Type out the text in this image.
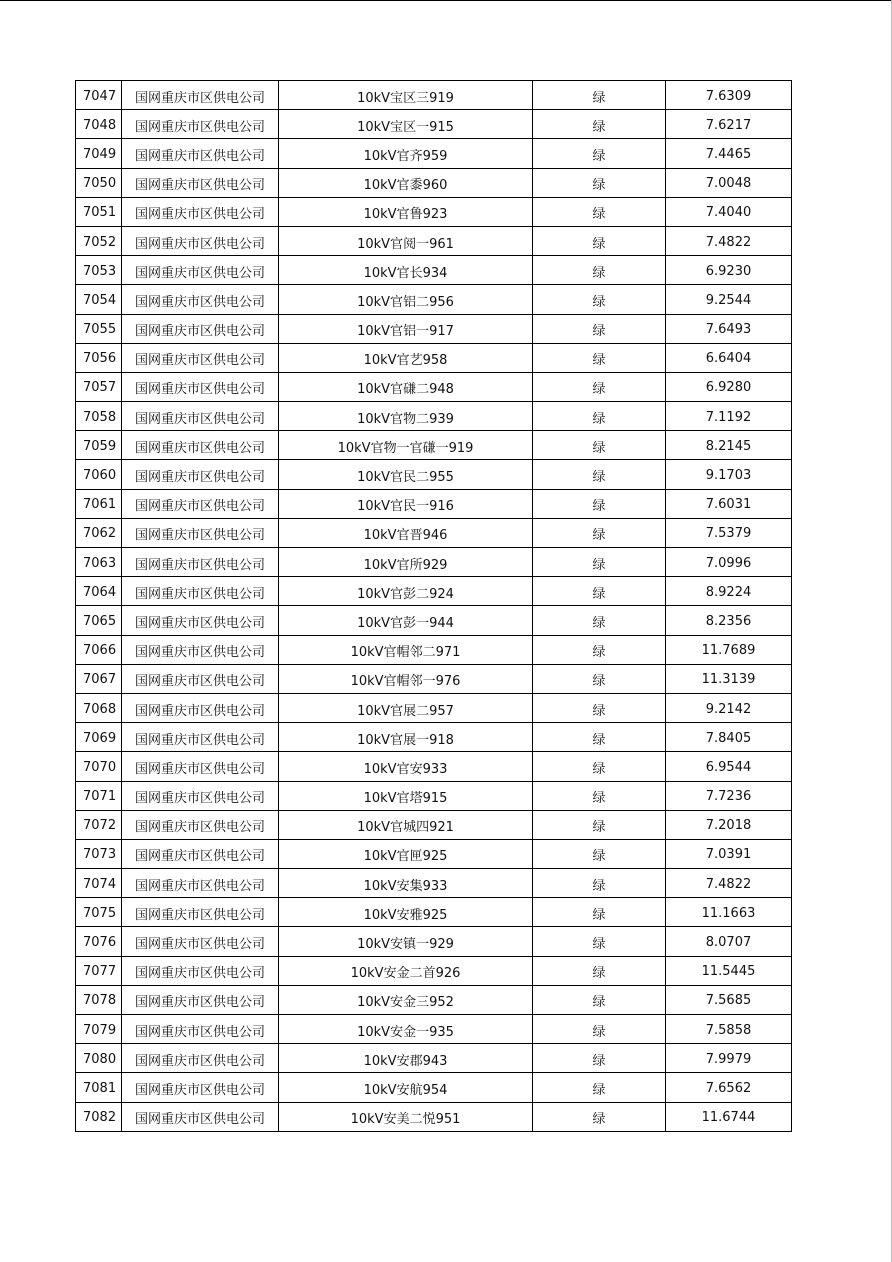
7047	国网重庆市区供电公司	10kV宝区三919	绿	7.6309
7048	国网重庆市区供电公司	10kV宝区一915	绿	7.6217
7049	国网重庆市区供电公司	10kV官齐959	绿	7.4465
7050	国网重庆市区供电公司	10kV官黍960	绿	7.0048
7051	国网重庆市区供电公司	10kV官鲁923	绿	7.4040
7052	国网重庆市区供电公司	10kV官阅一961	绿	7.4822
7053	国网重庆市区供电公司	10kV官长934	绿	6.9230
7054	国网重庆市区供电公司	10kV官铝二956	绿	9.2544
7055	国网重庆市区供电公司	10kV官铝一917	绿	7.6493
7056	国网重庆市区供电公司	10kV官艺958	绿	6.6404
7057	国网重庆市区供电公司	10kV官磏二948	绿	6.9280
7058	国网重庆市区供电公司	10kV官物二939	绿	7.1192
7059	国网重庆市区供电公司	10kV官物一官磏一919	绿	8.2145
7060	国网重庆市区供电公司	10kV官民二955	绿	9.1703
7061	国网重庆市区供电公司	10kV官民一916	绿	7.6031
7062	国网重庆市区供电公司	10kV官晋946	绿	7.5379
7063	国网重庆市区供电公司	10kV官所929	绿	7.0996
7064	国网重庆市区供电公司	10kV官彭二924	绿	8.9224
7065	国网重庆市区供电公司	10kV官彭一944	绿	8.2356
7066	国网重庆市区供电公司	10kV官帽邻二971	绿	11.7689
7067	国网重庆市区供电公司	10kV官帽邻一976	绿	11.3139
7068	国网重庆市区供电公司	10kV官展二957	绿	9.2142
7069	国网重庆市区供电公司	10kV官展一918	绿	7.8405
7070	国网重庆市区供电公司	10kV官安933	绿	6.9544
7071	国网重庆市区供电公司	10kV官塔915	绿	7.7236
7072	国网重庆市区供电公司	10kV官城四921	绿	7.2018
7073	国网重庆市区供电公司	10kV官匣925	绿	7.0391
7074	国网重庆市区供电公司	10kV安集933	绿	7.4822
7075	国网重庆市区供电公司	10kV安雅925	绿	11.1663
7076	国网重庆市区供电公司	10kV安镇一929	绿	8.0707
7077	国网重庆市区供电公司	10kV安金二首926	绿	11.5445
7078	国网重庆市区供电公司	10kV安金三952	绿	7.5685
7079	国网重庆市区供电公司	10kV安金一935	绿	7.5858
7080	国网重庆市区供电公司	10kV安郡943	绿	7.9979
7081	国网重庆市区供电公司	10kV安航954	绿	7.6562
7082	国网重庆市区供电公司	10kV安美二悦951	绿	11.6744
